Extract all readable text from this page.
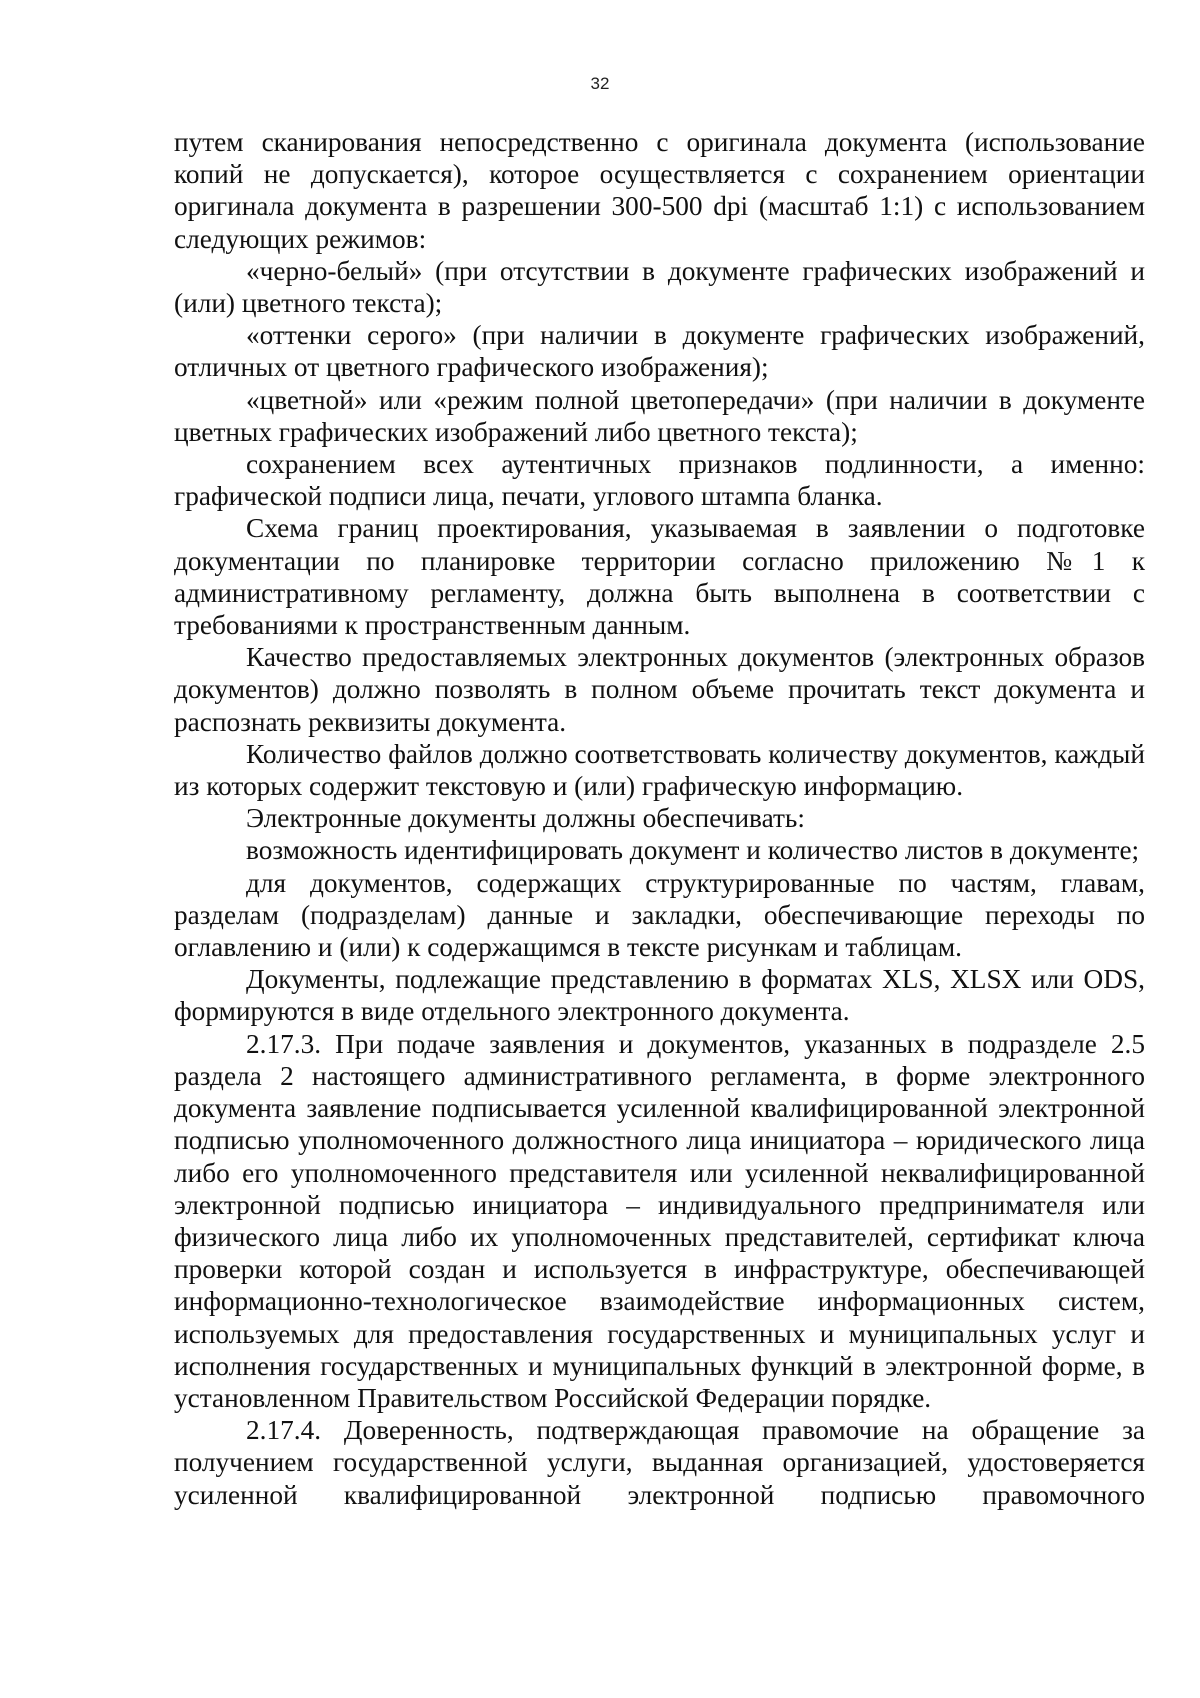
32

путем сканирования непосредственно с оригинала документа (использование копий не допускается), которое осуществляется с сохранением ориентации оригинала документа в разрешении 300-500 dpi (масштаб 1:1) с использованием следующих режимов:

«черно-белый» (при отсутствии в документе графических изображений и (или) цветного текста);

«оттенки серого» (при наличии в документе графических изображений, отличных от цветного графического изображения);

«цветной» или «режим полной цветопередачи» (при наличии в документе цветных графических изображений либо цветного текста);

сохранением всех аутентичных признаков подлинности, а именно: графической подписи лица, печати, углового штампа бланка.

Схема границ проектирования, указываемая в заявлении о подготовке документации по планировке территории согласно приложению №1 к административному регламенту, должна быть выполнена в соответствии с требованиями к пространственным данным.

Качество предоставляемых электронных документов (электронных образов документов) должно позволять в полном объеме прочитать текст документа и распознать реквизиты документа.

Количество файлов должно соответствовать количеству документов, каждый из которых содержит текстовую и (или) графическую информацию.

Электронные документы должны обеспечивать:

возможность идентифицировать документ и количество листов в документе;

для документов, содержащих структурированные по частям, главам, разделам (подразделам) данные и закладки, обеспечивающие переходы по оглавлению и (или) к содержащимся в тексте рисункам и таблицам.

Документы, подлежащие представлению в форматах XLS, XLSX или ODS, формируются в виде отдельного электронного документа.

2.17.3. При подаче заявления и документов, указанных в подразделе 2.5 раздела 2 настоящего административного регламента, в форме электронного документа заявление подписывается усиленной квалифицированной электронной подписью уполномоченного должностного лица инициатора – юридического лица либо его уполномоченного представителя или усиленной неквалифицированной электронной подписью инициатора – индивидуального предпринимателя или физического лица либо их уполномоченных представителей, сертификат ключа проверки которой создан и используется в инфраструктуре, обеспечивающей информационно-технологическое взаимодействие информационных систем, используемых для предоставления государственных и муниципальных услуг и исполнения государственных и муниципальных функций в электронной форме, в установленном Правительством Российской Федерации порядке.

2.17.4. Доверенность, подтверждающая правомочие на обращение за получением государственной услуги, выданная организацией, удостоверяется усиленной квалифицированной электронной подписью правомочного
